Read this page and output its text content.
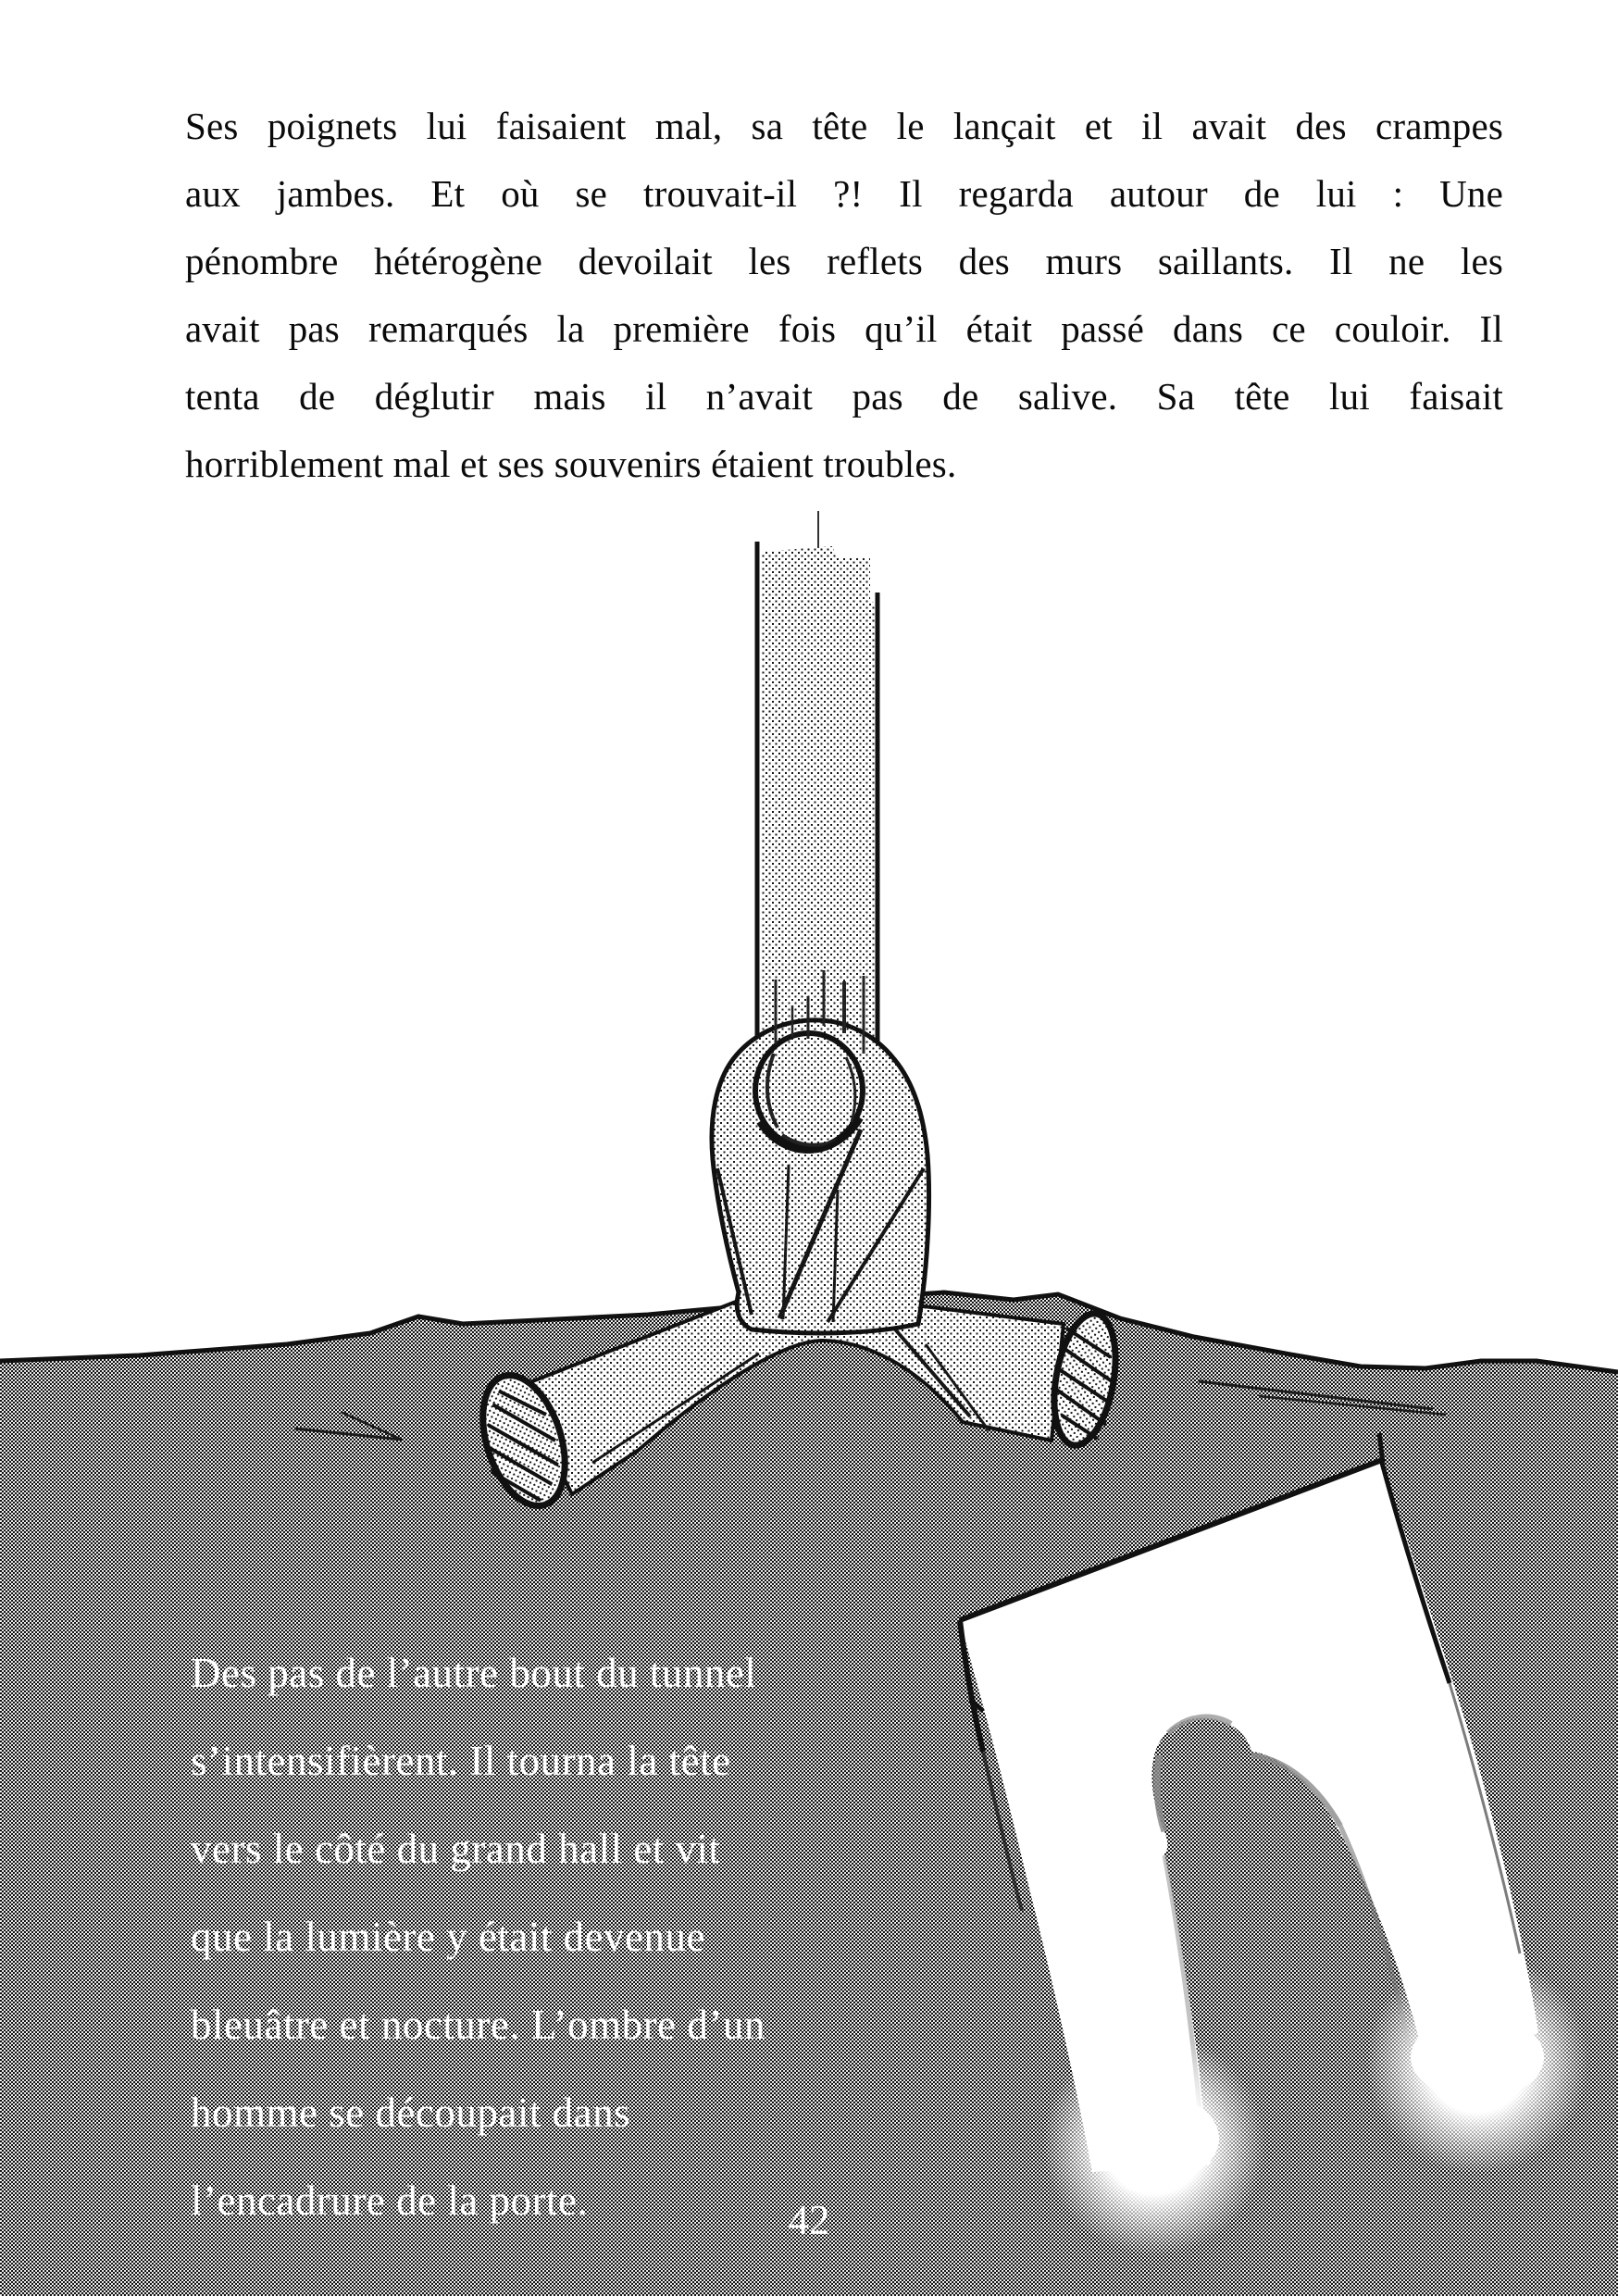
Ses poignets lui faisaient mal, sa tête le lançait et il avait des crampes
aux jambes. Et où se trouvait-il ?! Il regarda autour de lui : Une
pénombre hétérogène devoilait les reflets des murs saillants. Il ne les
avait pas remarqués la première fois qu’il était passé dans ce couloir. Il
tenta de déglutir mais il n’avait pas de salive. Sa tête lui faisait
horriblement mal et ses souvenirs étaient troubles.
Des pas de l’autre bout du tunnel
s’intensifièrent. Il tourna la tête
vers le côté du grand hall et vit
que la lumière y était devenue
bleuâtre et nocture. L’ombre d’un
homme se découpait dans
l’encadrure de la porte.	42
